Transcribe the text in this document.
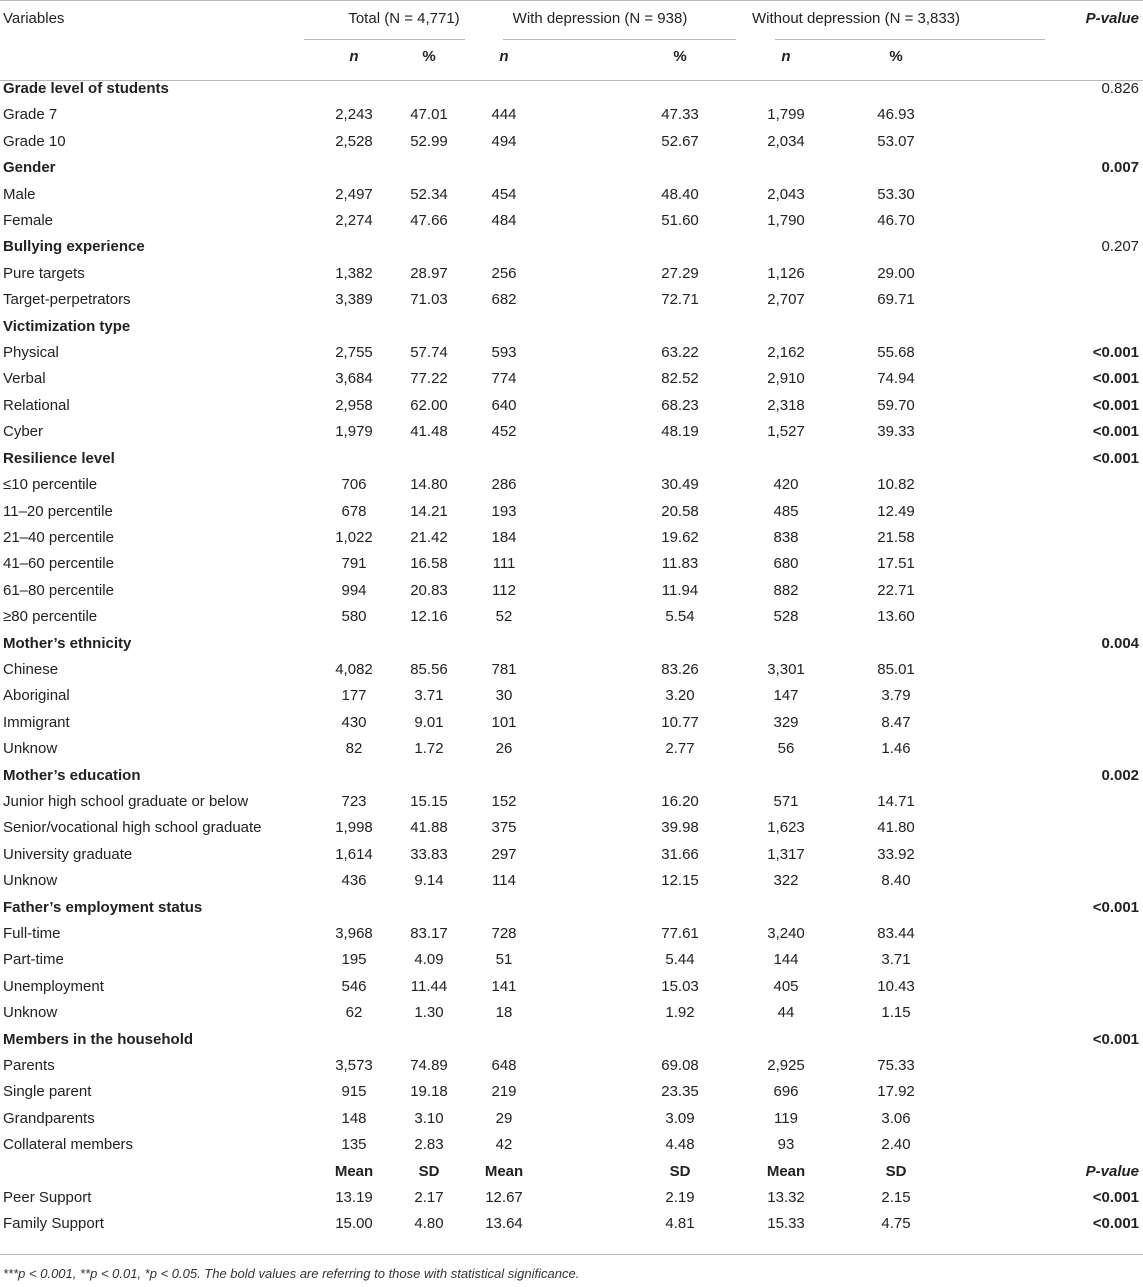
Variables	Total (N = 4,771)		With depression (N = 938)		Without depression (N = 3,833)		P-value
	n	%	n	%	n	%	
Grade level of students							0.826
Grade 7	2,243	47.01	444	47.33	1,799	46.93	
Grade 10	2,528	52.99	494	52.67	2,034	53.07	
Gender							0.007
Male	2,497	52.34	454	48.40	2,043	53.30	
Female	2,274	47.66	484	51.60	1,790	46.70	
Bullying experience							0.207
Pure targets	1,382	28.97	256	27.29	1,126	29.00	
Target-perpetrators	3,389	71.03	682	72.71	2,707	69.71	
Victimization type							
Physical	2,755	57.74	593	63.22	2,162	55.68	<0.001
Verbal	3,684	77.22	774	82.52	2,910	74.94	<0.001
Relational	2,958	62.00	640	68.23	2,318	59.70	<0.001
Cyber	1,979	41.48	452	48.19	1,527	39.33	<0.001
Resilience level							<0.001
≤10 percentile	706	14.80	286	30.49	420	10.82	
11–20 percentile	678	14.21	193	20.58	485	12.49	
21–40 percentile	1,022	21.42	184	19.62	838	21.58	
41–60 percentile	791	16.58	111	11.83	680	17.51	
61–80 percentile	994	20.83	112	11.94	882	22.71	
≥80 percentile	580	12.16	52	5.54	528	13.60	
Mother’s ethnicity							0.004
Chinese	4,082	85.56	781	83.26	3,301	85.01	
Aboriginal	177	3.71	30	3.20	147	3.79	
Immigrant	430	9.01	101	10.77	329	8.47	
Unknow	82	1.72	26	2.77	56	1.46	
Mother’s education							0.002
Junior high school graduate or below	723	15.15	152	16.20	571	14.71	
Senior/vocational high school graduate	1,998	41.88	375	39.98	1,623	41.80	
University graduate	1,614	33.83	297	31.66	1,317	33.92	
Unknow	436	9.14	114	12.15	322	8.40	
Father’s employment status							<0.001
Full-time	3,968	83.17	728	77.61	3,240	83.44	
Part-time	195	4.09	51	5.44	144	3.71	
Unemployment	546	11.44	141	15.03	405	10.43	
Unknow	62	1.30	18	1.92	44	1.15	
Members in the household							<0.001
Parents	3,573	74.89	648	69.08	2,925	75.33	
Single parent	915	19.18	219	23.35	696	17.92	
Grandparents	148	3.10	29	3.09	119	3.06	
Collateral members	135	2.83	42	4.48	93	2.40	
	Mean	SD	Mean	SD	Mean	SD	P-value
Peer Support	13.19	2.17	12.67	2.19	13.32	2.15	<0.001
Family Support	15.00	4.80	13.64	4.81	15.33	4.75	<0.001
***p < 0.001, **p < 0.01, *p < 0.05. The bold values are referring to those with statistical significance.
